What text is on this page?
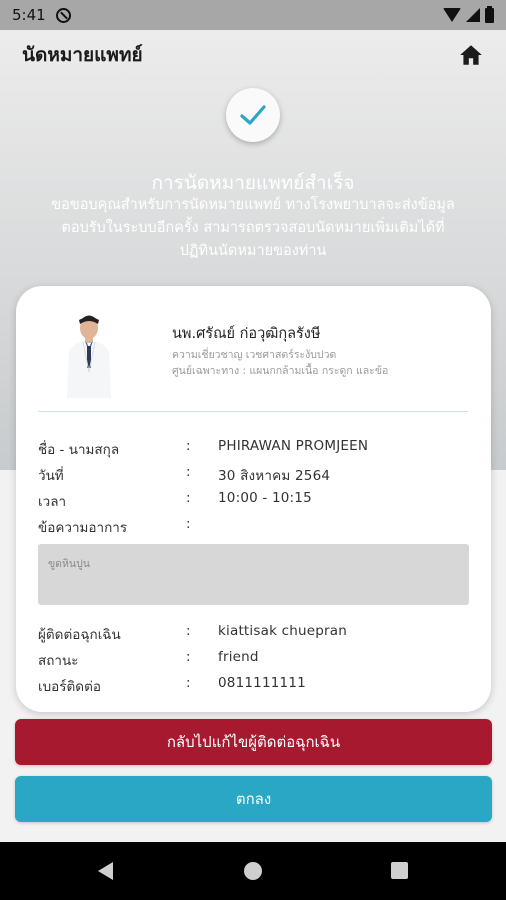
5:41
นัดหมายแพทย์
การนัดหมายแพทย์สำเร็จ
ขอขอบคุณสำหรับการนัดหมายแพทย์ ทางโรงพยาบาลจะส่งข้อมูลตอบรับในระบบอีกครั้ง สามารถตรวจสอบนัดหมายเพิ่มเติมได้ที่ ปฏิทินนัดหมายของท่าน
นพ.ศรัณย์ ก่อวุฒิกุลรังษี
ความเชี่ยวชาญ เวชศาสตร์ระงับปวด
ศูนย์เฉพาะทาง : แผนกกล้ามเนื้อ กระดูก และข้อ
ชื่อ - นามสกุล	: PHIRAWAN PROMJEEN
วันที่	: 30 สิงหาคม 2564
เวลา	: 10:00 - 10:15
ข้อความอาการ	:
ขูดหินปูน
ผู้ติดต่อฉุกเฉิน	: kiattisak chuepran
สถานะ	: friend
เบอร์ติดต่อ	: 0811111111
กลับไปแก้ไขผู้ติดต่อฉุกเฉิน
ตกลง
